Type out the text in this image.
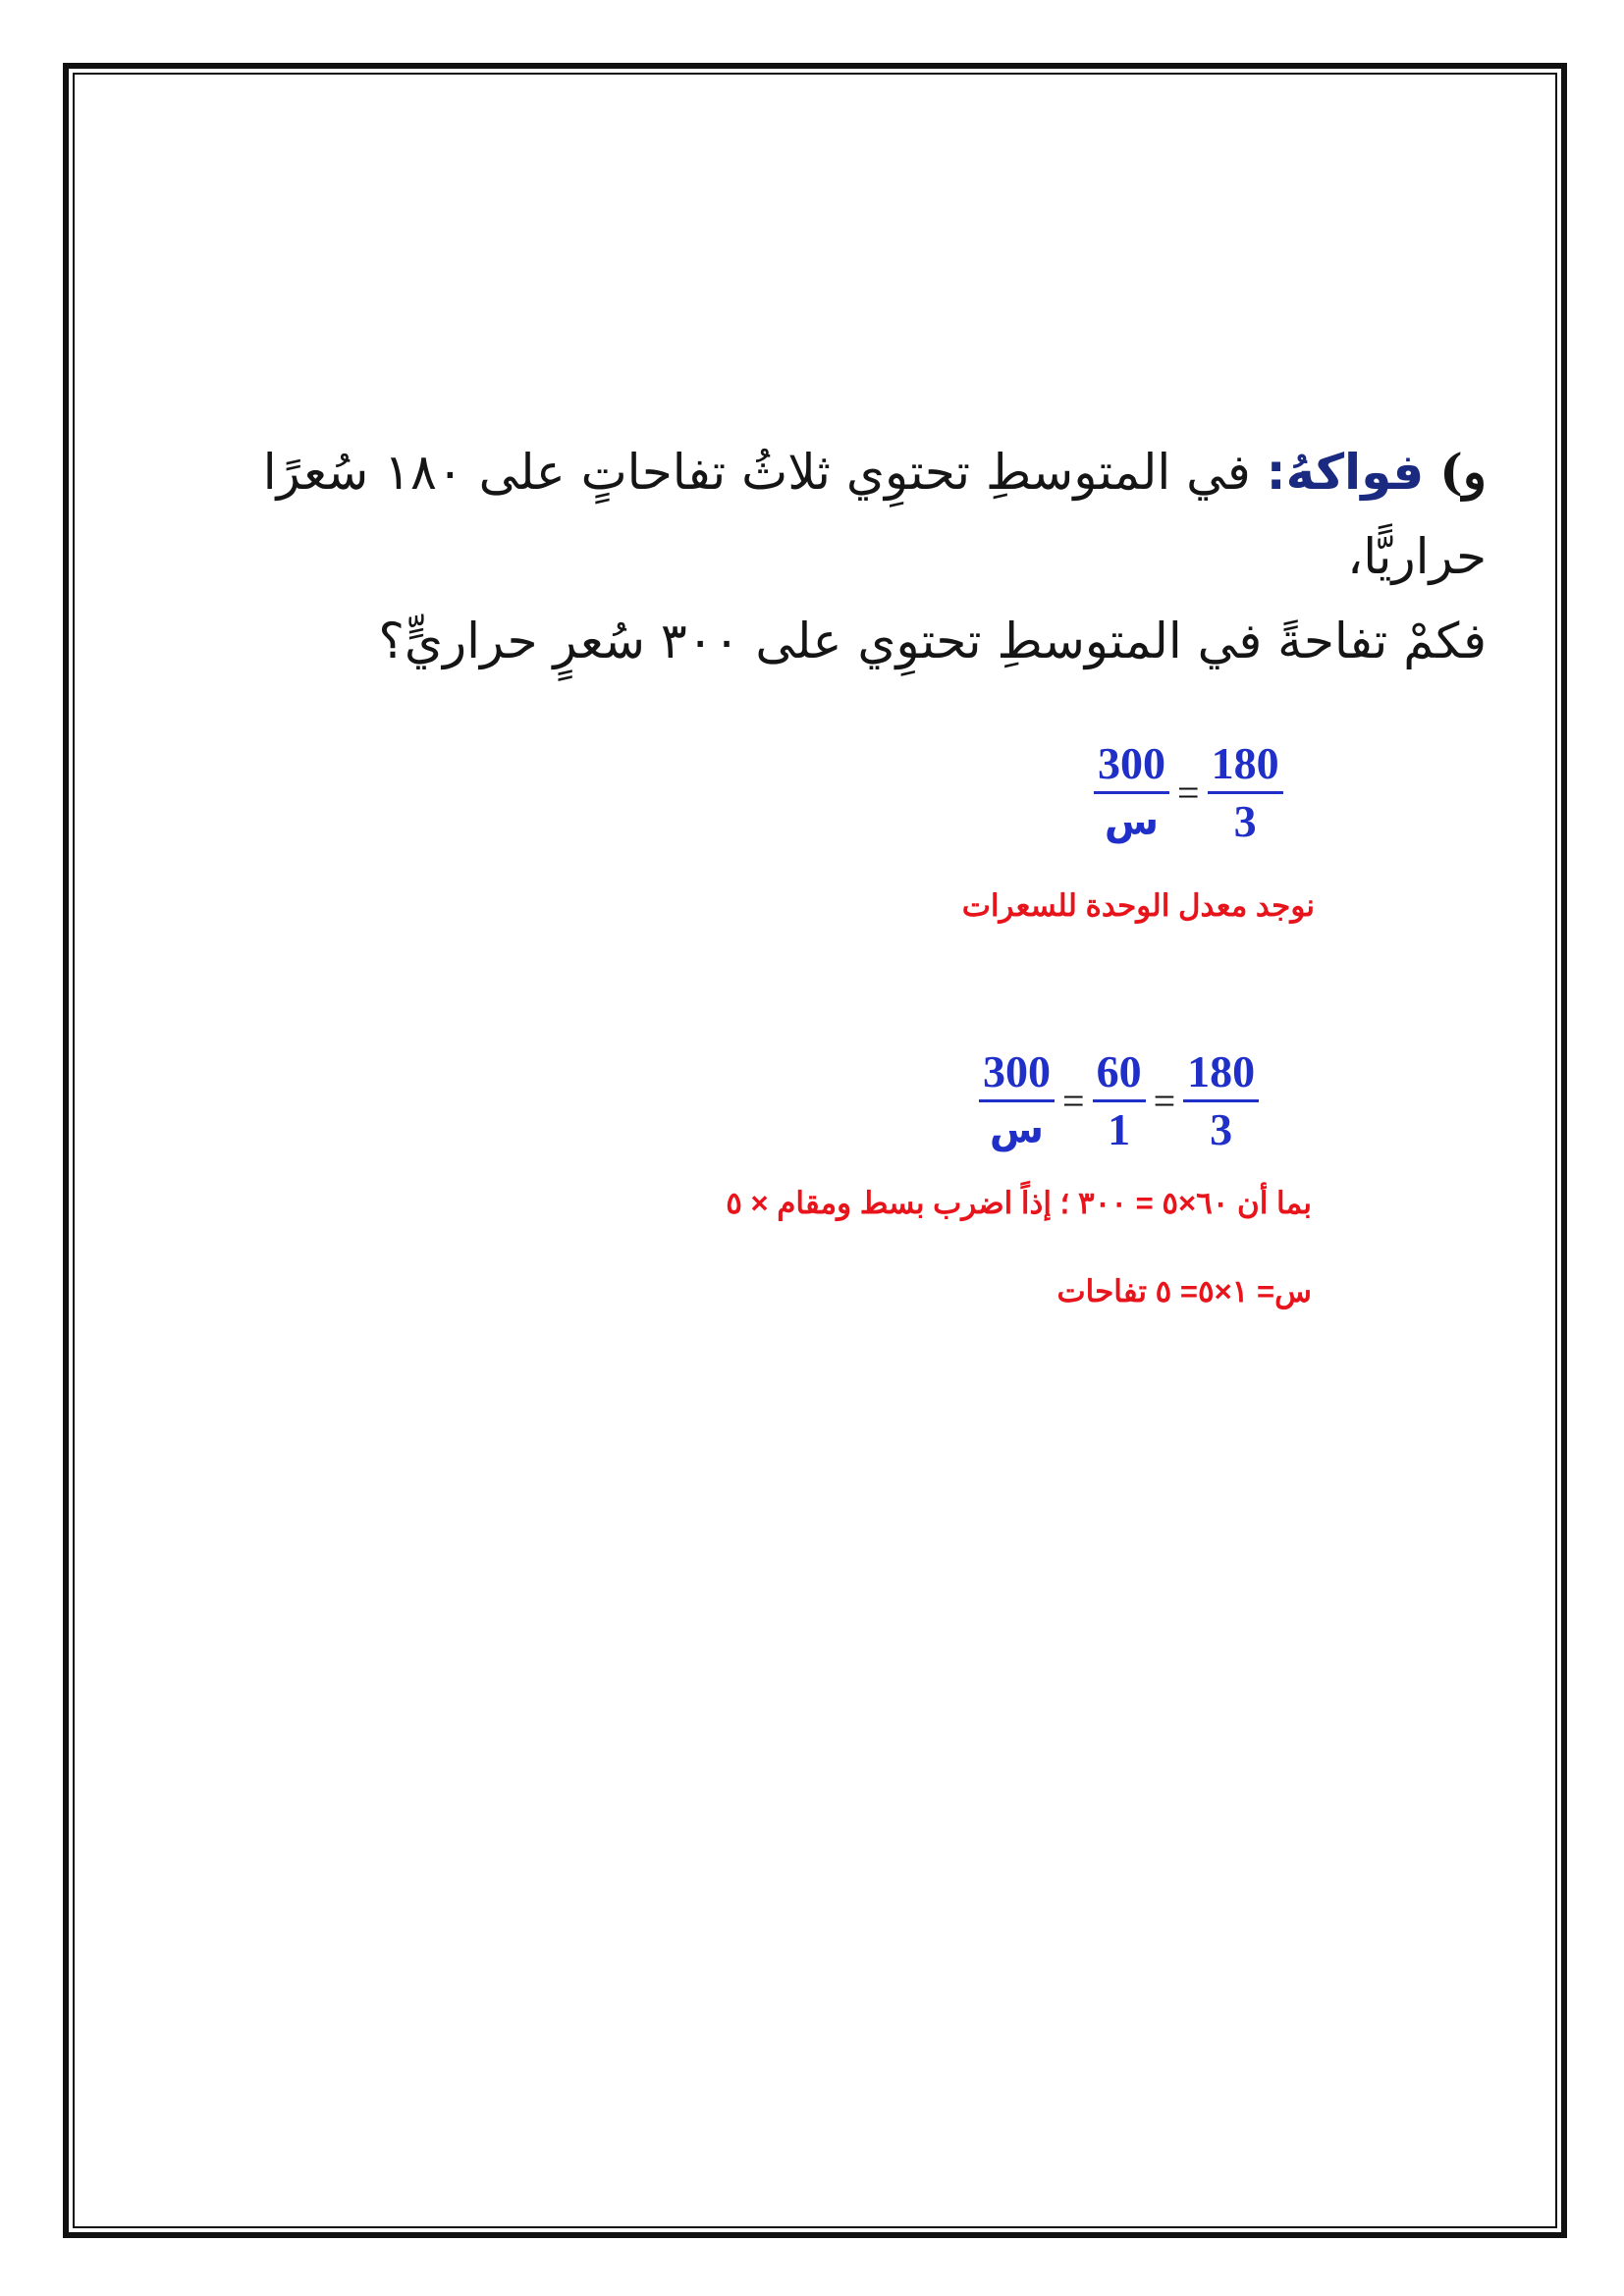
و) فواكهُ: في المتوسطِ تحتوِي ثلاثُ تفاحاتٍ على ١٨٠ سُعرًا حراريًّا،
فكمْ تفاحةً في المتوسطِ تحتوِي على ٣٠٠ سُعرٍ حراريٍّ؟
$\frac{300}{\text{س}} = \frac{180}{3}$
نوجد معدل الوحدة للسعرات
$\frac{300}{\text{س}} = \frac{60}{1} = \frac{180}{3}$
بما أن ٦٠×٥ = ٣٠٠ ؛ إذاً اضرب بسط ومقام × ٥
س= ١×٥= ٥ تفاحات
